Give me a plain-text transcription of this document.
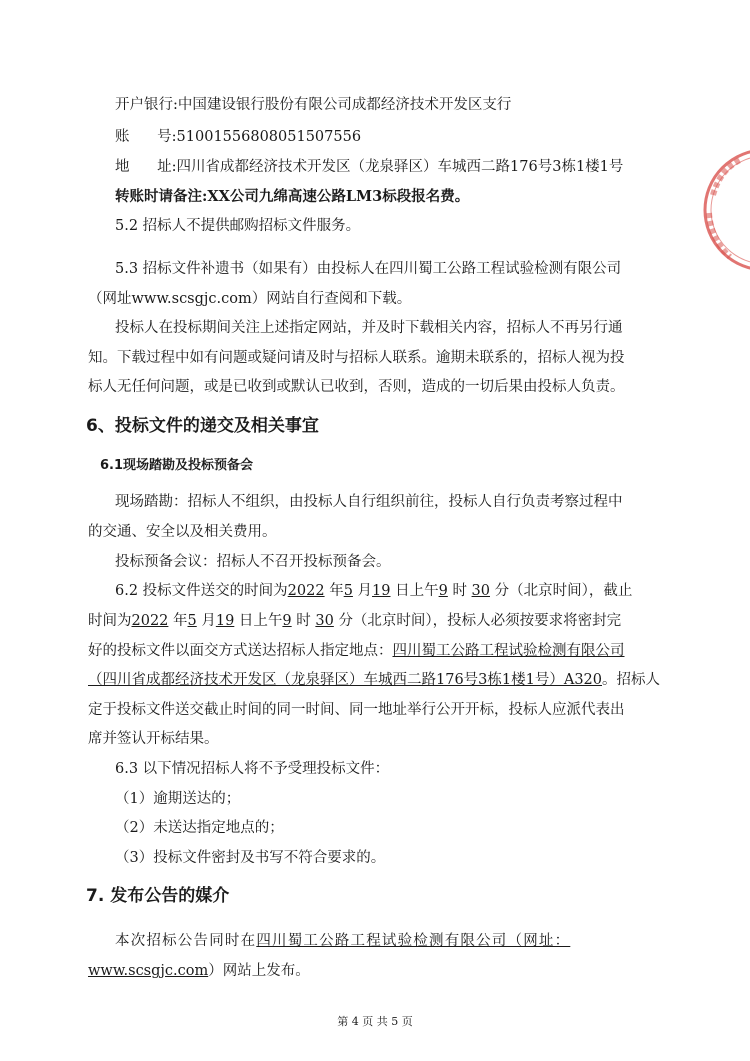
开户银行:中国建设银行股份有限公司成都经济技术开发区支行
账      号:51001556808051507556
地      址:四川省成都经济技术开发区（龙泉驿区）车城西二路176号3栋1楼1号
转账时请备注:XX公司九绵高速公路LM3标段报名费。
5.2 招标人不提供邮购招标文件服务。
5.3 招标文件补遗书（如果有）由投标人在四川蜀工公路工程试验检测有限公司
（网址www.scsgjc.com）网站自行查阅和下载。
投标人在投标期间关注上述指定网站，并及时下载相关内容，招标人不再另行通
知。下载过程中如有问题或疑问请及时与招标人联系。逾期未联系的，招标人视为投
标人无任何问题，或是已收到或默认已收到，否则，造成的一切后果由投标人负责。
6、投标文件的递交及相关事宜
6.1现场踏勘及投标预备会
现场踏勘：招标人不组织，由投标人自行组织前往，投标人自行负责考察过程中
的交通、安全以及相关费用。
投标预备会议：招标人不召开投标预备会。
6.2 投标文件送交的时间为2022 年5 月19 日上午9 时 30 分（北京时间），截止
时间为2022 年5 月19 日上午9 时 30 分（北京时间），投标人必须按要求将密封完
好的投标文件以面交方式送达招标人指定地点：四川蜀工公路工程试验检测有限公司
（四川省成都经济技术开发区（龙泉驿区）车城西二路176号3栋1楼1号）A320。招标人
定于投标文件送交截止时间的同一时间、同一地址举行公开开标，投标人应派代表出
席并签认开标结果。
6.3 以下情况招标人将不予受理投标文件：
（1）逾期送达的；
（2）未送达指定地点的；
（3）投标文件密封及书写不符合要求的。
7. 发布公告的媒介
本次招标公告同时在四川蜀工公路工程试验检测有限公司（网址：
www.scsgjc.com）网站上发布。
第 4 页 共 5 页
